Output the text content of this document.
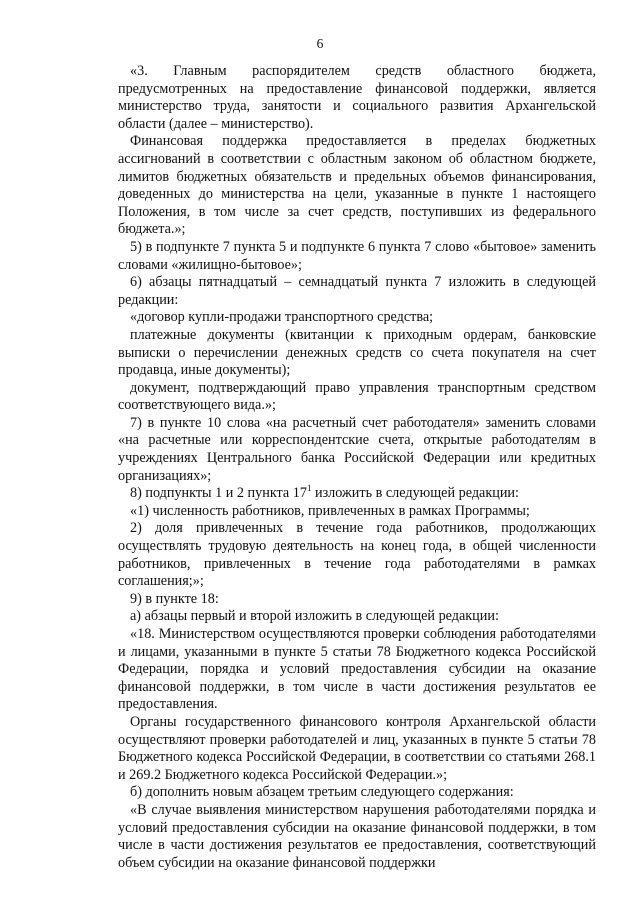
6

«3. Главным распорядителем средств областного бюджета, предусмотренных на предоставление финансовой поддержки, является министерство труда, занятости и социального развития Архангельской области (далее – министерство).

Финансовая поддержка предоставляется в пределах бюджетных ассигнований в соответствии с областным законом об областном бюджете, лимитов бюджетных обязательств и предельных объемов финансирования, доведенных до министерства на цели, указанные в пункте 1 настоящего Положения, в том числе за счет средств, поступивших из федерального бюджета.»;

5) в подпункте 7 пункта 5 и подпункте 6 пункта 7 слово «бытовое» заменить словами «жилищно-бытовое»;

6) абзацы пятнадцатый – семнадцатый пункта 7 изложить в следующей редакции:

«договор купли-продажи транспортного средства;

платежные документы (квитанции к приходным ордерам, банковские выписки о перечислении денежных средств со счета покупателя на счет продавца, иные документы);

документ, подтверждающий право управления транспортным средством соответствующего вида.»;

7) в пункте 10 слова «на расчетный счет работодателя» заменить словами «на расчетные или корреспондентские счета, открытые работодателям в учреждениях Центрального банка Российской Федерации или кредитных организациях»;

8) подпункты 1 и 2 пункта $17^1$ изложить в следующей редакции:

«1) численность работников, привлеченных в рамках Программы;

2) доля привлеченных в течение года работников, продолжающих осуществлять трудовую деятельность на конец года, в общей численности работников, привлеченных в течение года работодателями в рамках соглашения;»;

9) в пункте 18:

а) абзацы первый и второй изложить в следующей редакции:

«18. Министерством осуществляются проверки соблюдения работодателями и лицами, указанными в пункте 5 статьи 78 Бюджетного кодекса Российской Федерации, порядка и условий предоставления субсидии на оказание финансовой поддержки, в том числе в части достижения результатов ее предоставления.

Органы государственного финансового контроля Архангельской области осуществляют проверки работодателей и лиц, указанных в пункте 5 статьи 78 Бюджетного кодекса Российской Федерации, в соответствии со статьями 268.1 и 269.2 Бюджетного кодекса Российской Федерации.»;

б) дополнить новым абзацем третьим следующего содержания:

«В случае выявления министерством нарушения работодателями порядка и условий предоставления субсидии на оказание финансовой поддержки, в том числе в части достижения результатов ее предоставления, соответствующий объем субсидии на оказание финансовой поддержки
